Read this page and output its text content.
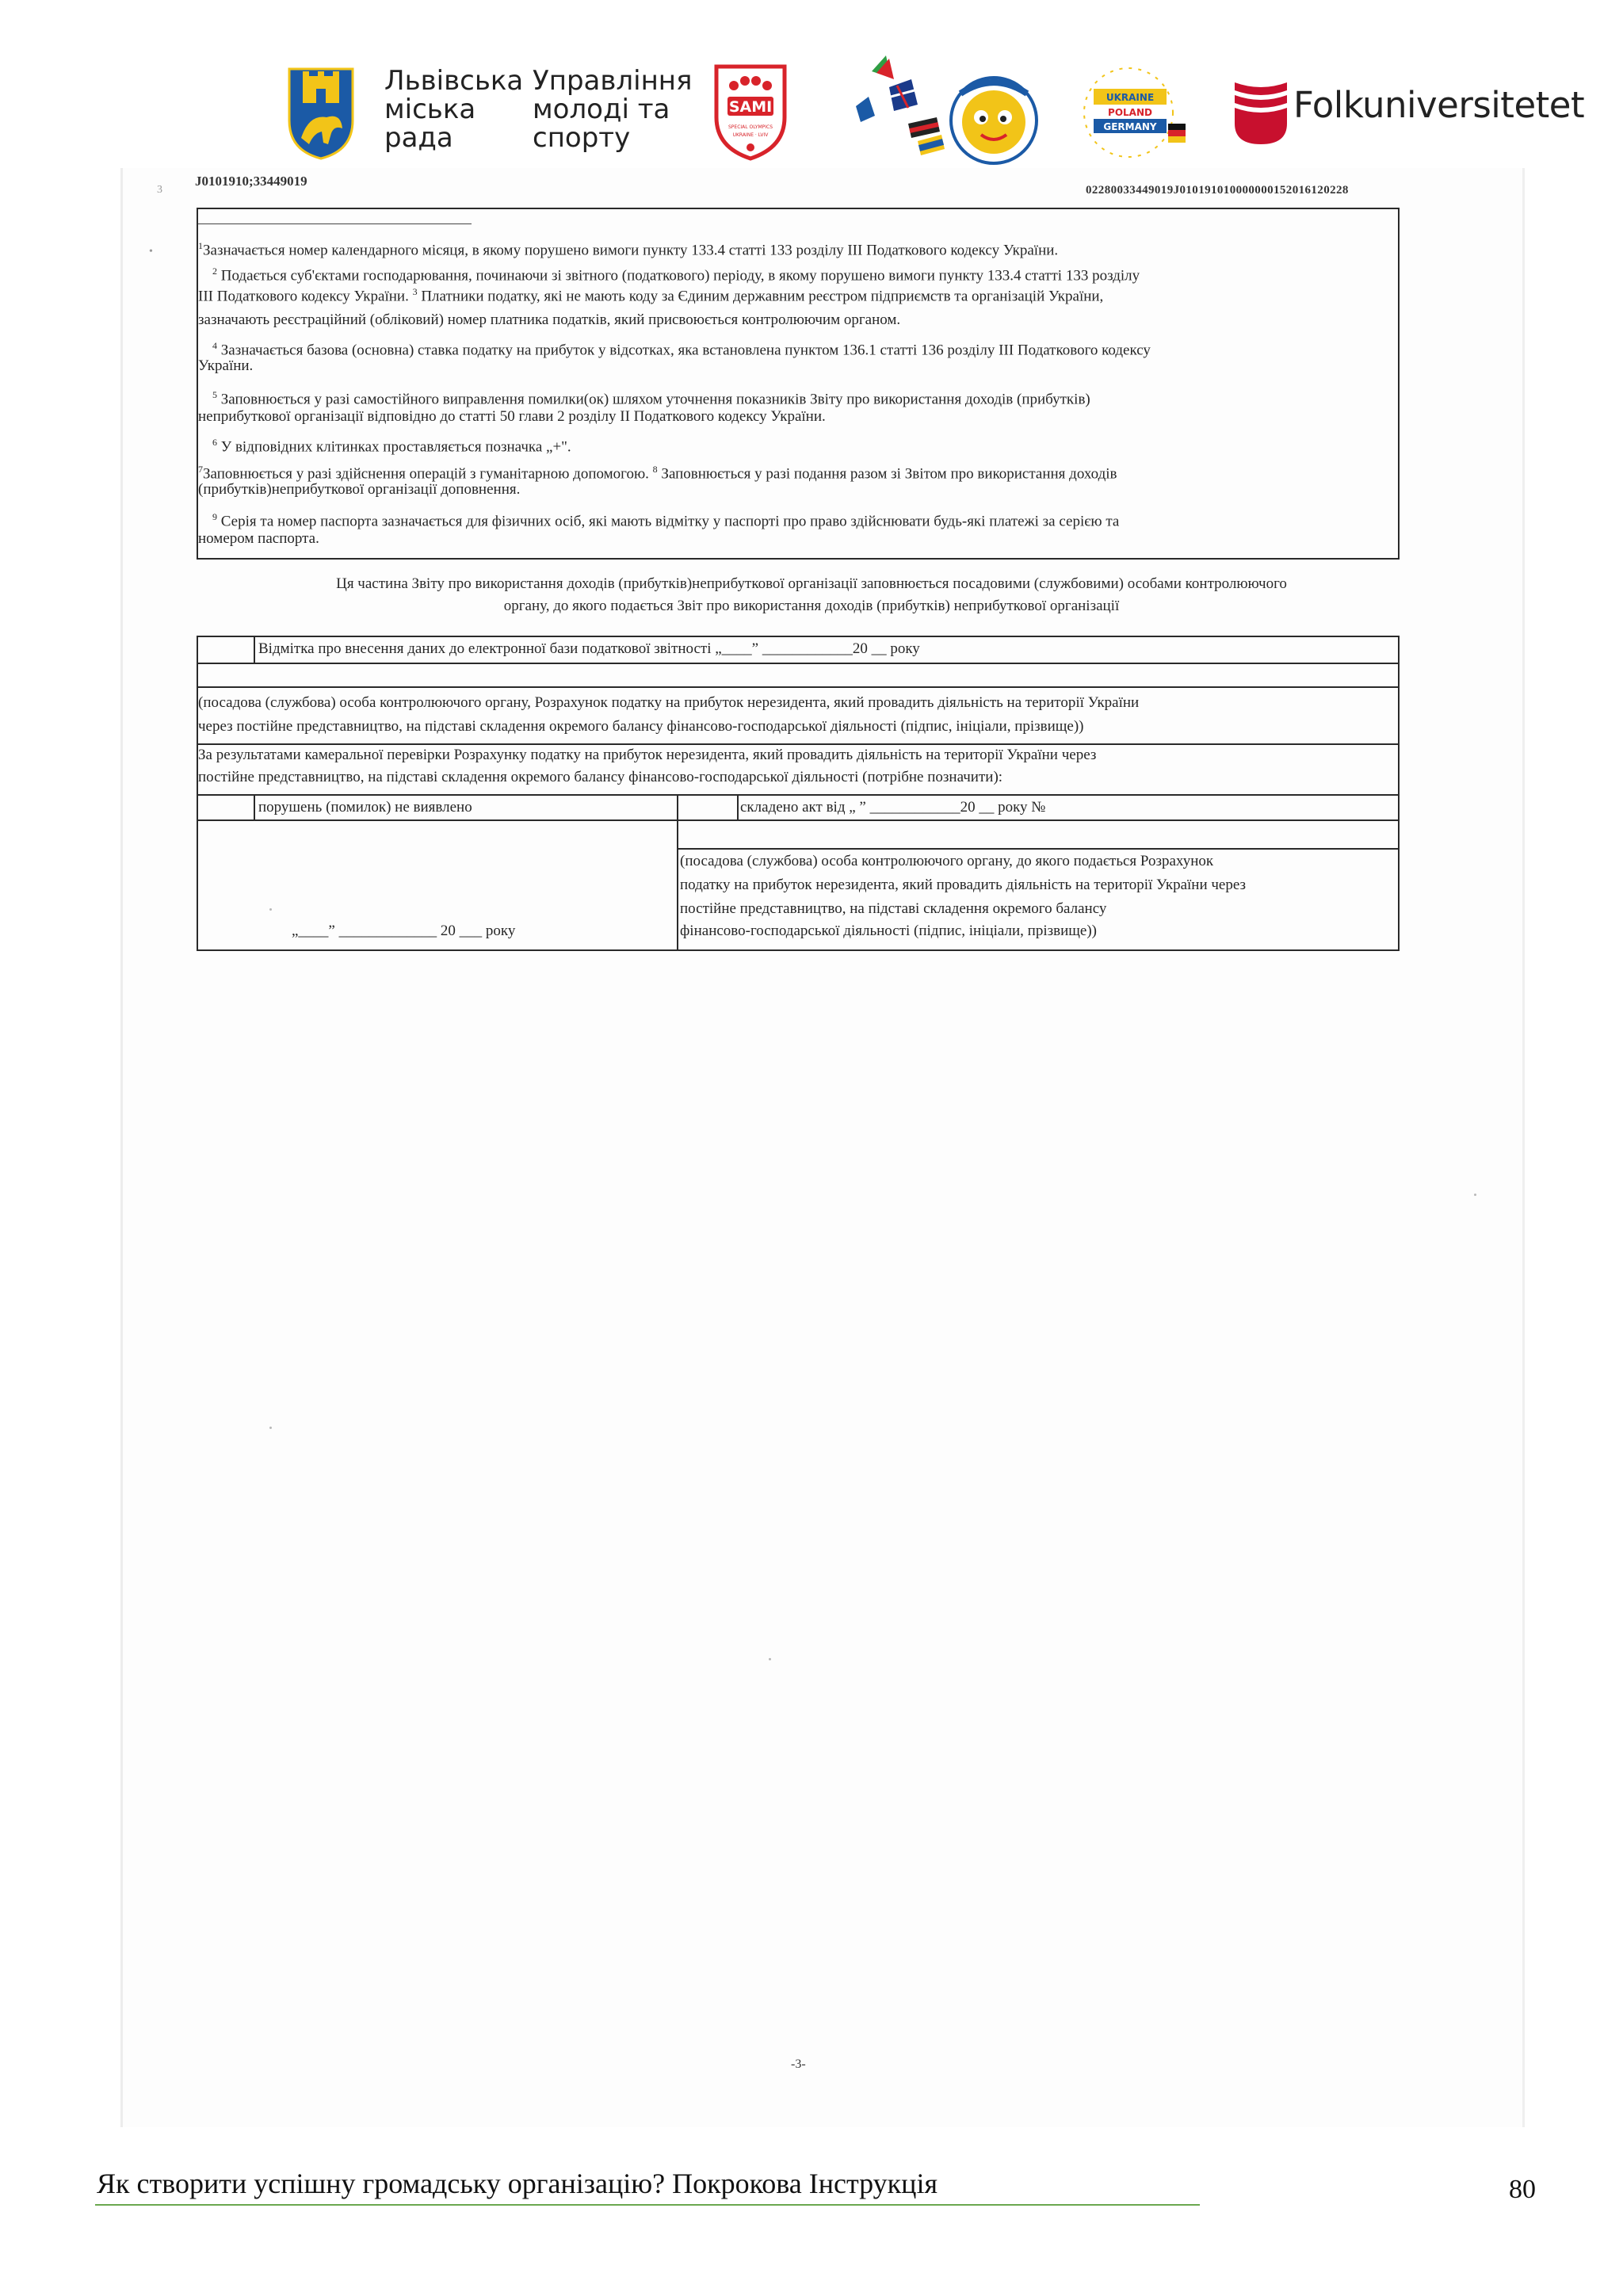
Львівська
міська
рада
Управління
молоді та
спорту
SAMI
SPECIAL OLYMPICS
UKRAINE · LVIV
UKRAINE
POLAND
GERMANY
Folkuniversitetet
J0101910;33449019
02280033449019J01019101000000015201612022​8
3
•	$^1$Зазначається номер календарного місяця, в якому порушено вимоги пункту 133.4 статті 133 розділу III Податкового кодексу України.
$^2$ Подається суб'єктами господарювання, починаючи зі звітного (податкового) періоду, в якому порушено вимоги пункту 133.4 статті 133 розділу
III Податкового кодексу України. $^3$ Платники податку, які не мають коду за Єдиним державним реєстром підприємств та організацій України,
зазначають реєстраційний (обліковий) номер платника податків, який присвоюється контролюючим органом.
$^4$ Зазначається базова (основна) ставка податку на прибуток у відсотках, яка встановлена пунктом 136.1 статті 136 розділу III Податкового кодексу
України.
$^5$ Заповнюється у разі самостійного виправлення помилки(ок) шляхом уточнення показників Звіту про використання доходів (прибутків)
неприбуткової організації відповідно до статті 50 глави 2 розділу II Податкового кодексу України.
$^6$ У відповідних клітинках проставляється позначка „+".
$^7$Заповнюється у разі здійснення операцій з гуманітарною допомогою. $^8$ Заповнюється у разі подання разом зі Звітом про використання доходів
(прибутків)неприбуткової організації доповнення.
$^9$ Серія та номер паспорта зазначається для фізичних осіб, які мають відмітку у паспорті про право здійснювати будь-які платежі за серією та
номером паспорта.
Ця частина Звіту про використання доходів (прибутків)неприбуткової організації заповнюється посадовими (службовими) особами контролюючого
органу, до якого подається Звіт про використання доходів (прибутків) неприбуткової організації
Відмітка про внесення даних до електронної бази податкової звітності „____” ____________20 __ року
(посадова (службова) особа контролюючого органу, Розрахунок податку на прибуток нерезидента, який провадить діяльність на території України
через постійне представництво, на підставі складення окремого балансу фінансово-господарської діяльності (підпис, ініціали, прізвище))
За результатами камеральної перевірки Розрахунку податку на прибуток нерезидента, який провадить діяльність на території України через
постійне представництво, на підставі складення окремого балансу фінансово-господарської діяльності (потрібне позначити):
порушень (помилок) не виявлено	складено акт від „ ” ____________20 __ року №
„____” _____________ 20 ___ року
(посадова (службова) особа контролюючого органу, до якого подається Розрахунок
податку на прибуток нерезидента, який провадить діяльність на території України через
постійне представництво, на підставі складення окремого балансу
фінансово-господарської діяльності (підпис, ініціали, прізвище))
-3-
Як створити успішну громадську організацію? Покрокова Інструкція	80
